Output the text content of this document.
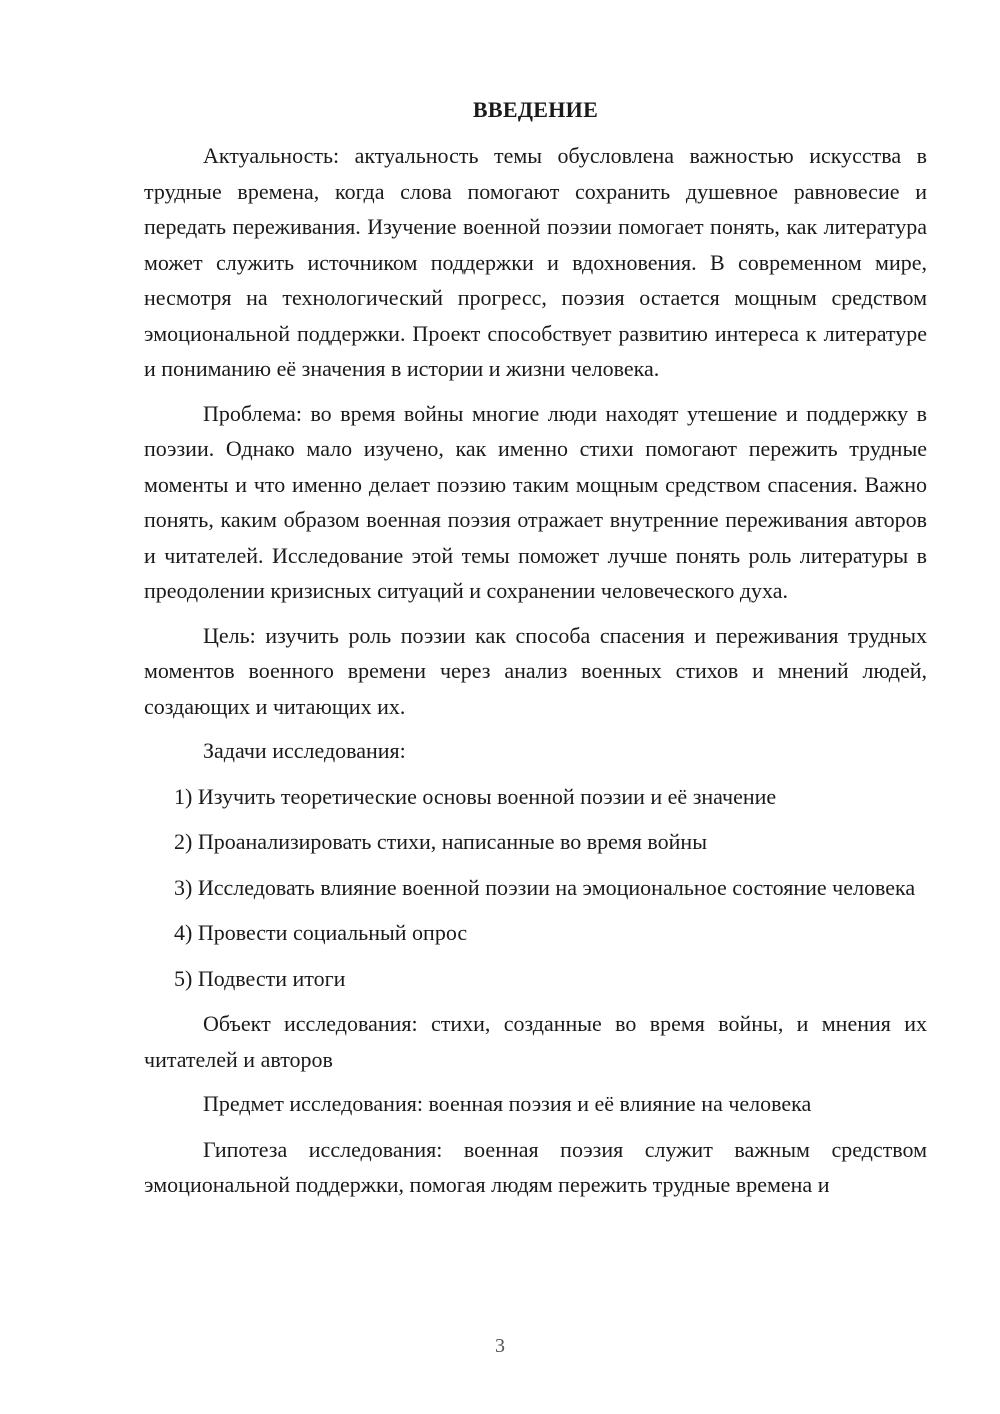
ВВЕДЕНИЕ

Актуальность: актуальность темы обусловлена важностью искусства в трудные времена, когда слова помогают сохранить душевное равновесие и передать переживания. Изучение военной поэзии помогает понять, как литература может служить источником поддержки и вдохновения. В современном мире, несмотря на технологический прогресс, поэзия остается мощным средством эмоциональной поддержки. Проект способствует развитию интереса к литературе и пониманию её значения в истории и жизни человека.

Проблема: во время войны многие люди находят утешение и поддержку в поэзии. Однако мало изучено, как именно стихи помогают пережить трудные моменты и что именно делает поэзию таким мощным средством спасения. Важно понять, каким образом военная поэзия отражает внутренние переживания авторов и читателей. Исследование этой темы поможет лучше понять роль литературы в преодолении кризисных ситуаций и сохранении человеческого духа.

Цель: изучить роль поэзии как способа спасения и переживания трудных моментов военного времени через анализ военных стихов и мнений людей, создающих и читающих их.

Задачи исследования:

1) Изучить теоретические основы военной поэзии и её значение

2) Проанализировать стихи, написанные во время войны

3) Исследовать влияние военной поэзии на эмоциональное состояние человека

4) Провести социальный опрос

5) Подвести итоги

Объект исследования: стихи, созданные во время войны, и мнения их читателей и авторов

Предмет исследования: военная поэзия и её влияние на человека

Гипотеза исследования: военная поэзия служит важным средством эмоциональной поддержки, помогая людям пережить трудные времена и

3
